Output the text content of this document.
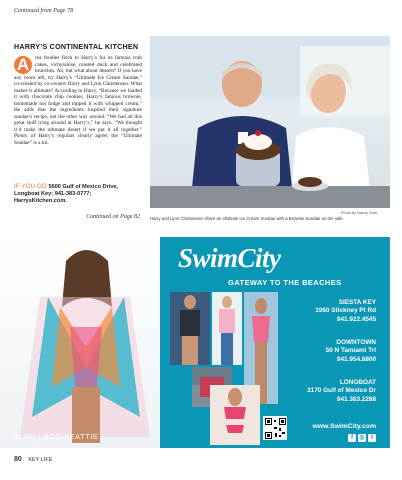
Continued from Page 78
HARRY’S CONTINENTAL KITCHEN
A	rea foodies flock to Harry’s for its famous crab cakes, vichyssoise, roasted duck and celebrated brunches. Ah, but what about dessert? If you have any room left, try Harry’s “Ultimate Ice Cream Sundae,” co-created by co-owners Harry and Lynn Christensen. What makes it ultimate? According to Harry, “Because we loaded it with chocolate chip cookies, Harry’s famous brownie, homemade hot fudge and topped it with whipped cream.” He adds that the ingredients inspired their signature sundae’s recipe, not the other way around. “We had all this great stuff lying around at Harry’s,” he says. “We thought it’d make the ultimate desert if we put it all together.” Plenty of Harry’s regulars clearly agree; the “Ultimate Sundae” is a hit.
IF YOU GO 5600 Gulf of Mexico Drive, Longboat Key; 941-383-0777; HarrysKitchen.com.
Continued on Page 82
Photo by Nancy Guth
Harry and Lynn Christensen share an Ultimate Ice Cream Sundae with a Brownie Sundae on the side.
SwimCity
GATEWAY TO THE BEACHES
SIESTA KEY
1960 Stickney Pt Rd
941.922.4545
DOWNTOWN
50 N Tamiami Trl
941.954.8800
LONGBOAT
3170 Gulf of Mexico Dr
941.383.2288
www.SwimCity.com
f	◎	t
BLEU | ROD BEATTIE
80 KEY LIFE
